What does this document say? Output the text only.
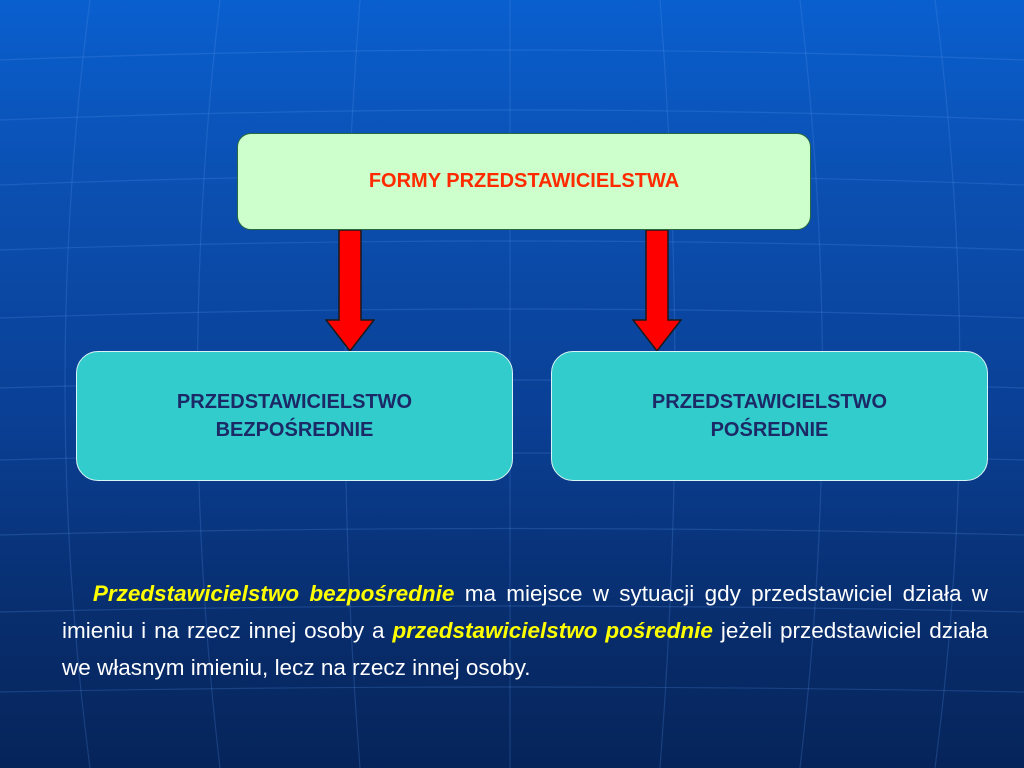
FORMY PRZEDSTAWICIELSTWA
PRZEDSTAWICIELSTWO
BEZPOŚREDNIE
PRZEDSTAWICIELSTWO
POŚREDNIE

Przedstawicielstwo bezpośrednie ma miejsce w sytuacji gdy przedstawiciel działa w imieniu i na rzecz innej osoby a przedstawicielstwo pośrednie jeżeli przedstawiciel działa we własnym imieniu, lecz na rzecz innej osoby.
